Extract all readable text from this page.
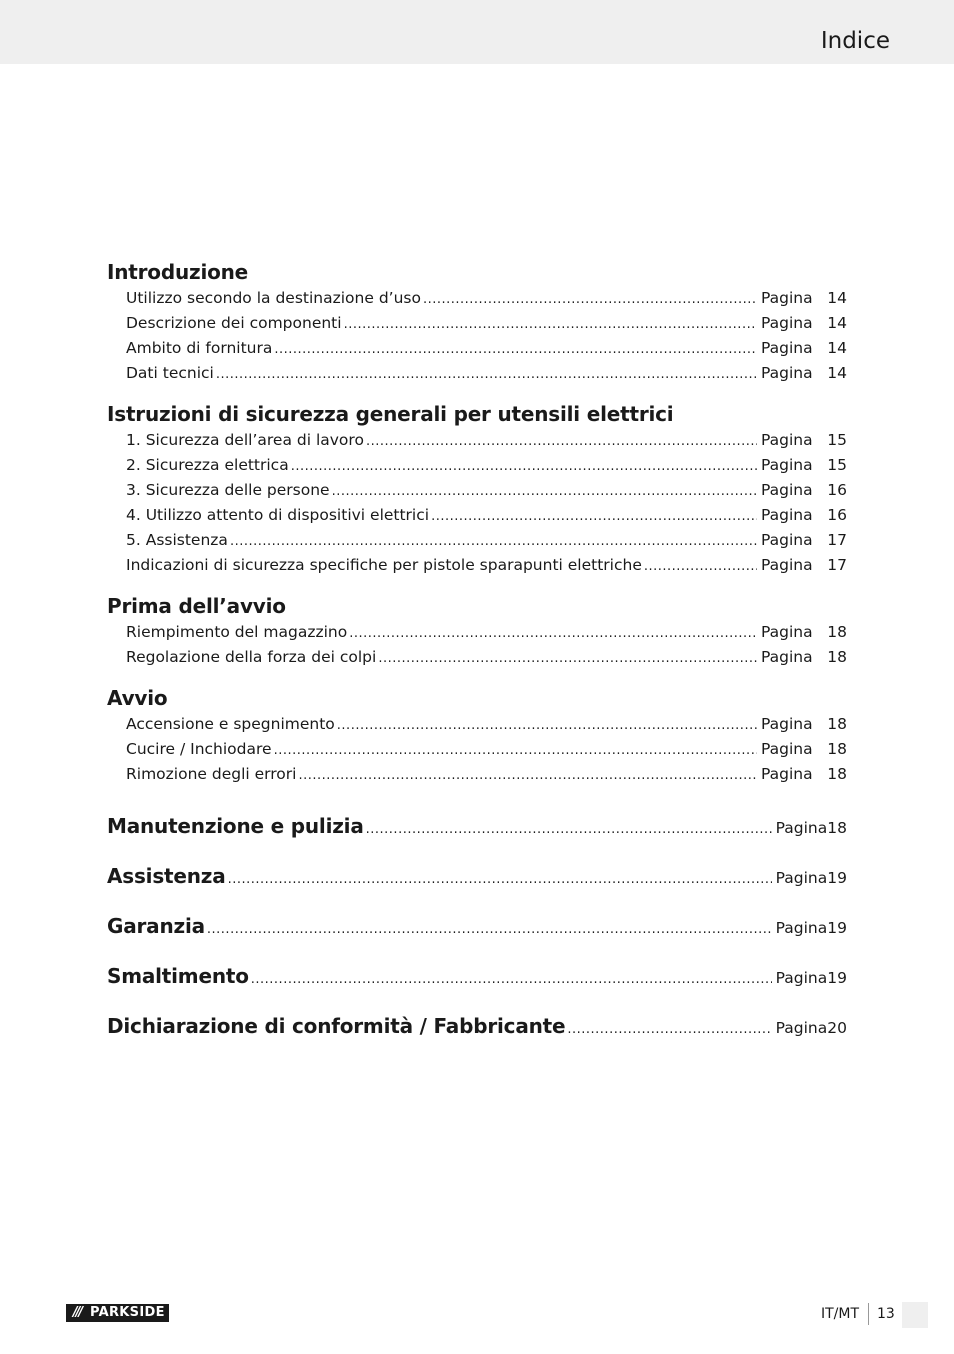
Indice
Introduzione
Utilizzo secondo la destinazione d’uso .....	Pagina 14
Descrizione dei componenti .....	Pagina 14
Ambito di fornitura .....	Pagina 14
Dati tecnici .....	Pagina 14
Istruzioni di sicurezza generali per utensili elettrici
1. Sicurezza dell’area di lavoro .....	Pagina 15
2. Sicurezza elettrica .....	Pagina 15
3. Sicurezza delle persone .....	Pagina 16
4. Utilizzo attento di dispositivi elettrici .....	Pagina 16
5. Assistenza .....	Pagina 17
Indicazioni di sicurezza specifiche per pistole sparapunti elettriche .....	Pagina 17
Prima dell’avvio
Riempimento del magazzino .....	Pagina 18
Regolazione della forza dei colpi .....	Pagina 18
Avvio
Accensione e spegnimento .....	Pagina 18
Cucire / Inchiodare .....	Pagina 18
Rimozione degli errori .....	Pagina 18
Manutenzione e pulizia .....	Pagina 18
Assistenza .....	Pagina 19
Garanzia .....	Pagina 19
Smaltimento .....	Pagina 19
Dichiarazione di conformità / Fabbricante .....	Pagina 20
/// PARKSIDE	IT/MT 13
